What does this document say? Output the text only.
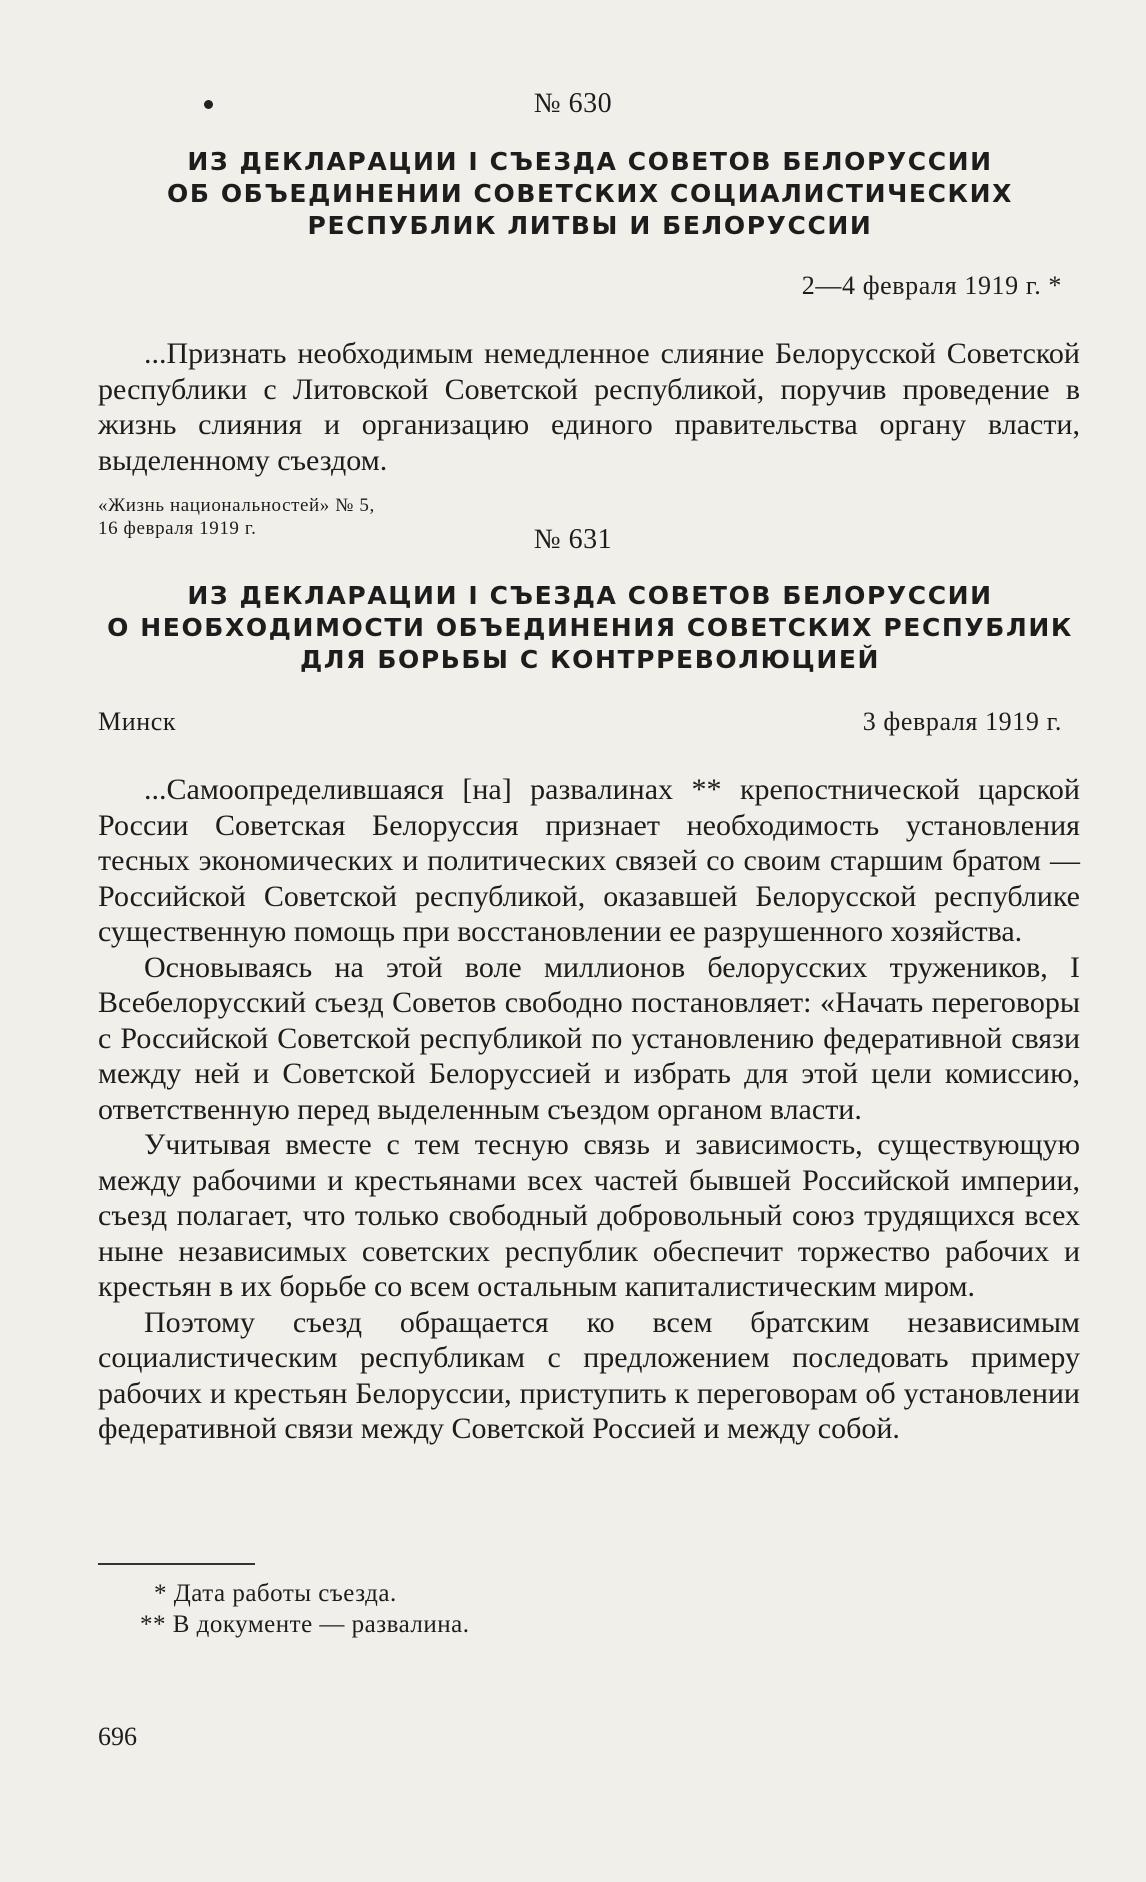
№ 630
ИЗ ДЕКЛАРАЦИИ I СЪЕЗДА СОВЕТОВ БЕЛОРУССИИ
ОБ ОБЪЕДИНЕНИИ СОВЕТСКИХ СОЦИАЛИСТИЧЕСКИХ
РЕСПУБЛИК ЛИТВЫ И БЕЛОРУССИИ
2—4 февраля 1919 г. *

...Признать необходимым немедленное слияние Белорусской Советской республики с Литовской Советской республикой, поручив проведение в жизнь слияния и организацию единого правительства органу власти, выделенному съездом.

«Жизнь национальностей» № 5,
16 февраля 1919 г.	№ 631
ИЗ ДЕКЛАРАЦИИ I СЪЕЗДА СОВЕТОВ БЕЛОРУССИИ
О НЕОБХОДИМОСТИ ОБЪЕДИНЕНИЯ СОВЕТСКИХ РЕСПУБЛИК
ДЛЯ БОРЬБЫ С КОНТРРЕВОЛЮЦИЕЙ
Минск	3 февраля 1919 г.

...Самоопределившаяся [на] развалинах ** крепостнической царской России Советская Белоруссия признает необходимость установления тесных экономических и политических связей со своим старшим братом — Российской Советской республикой, оказавшей Белорусской республике существенную помощь при восстановлении ее разрушенного хозяйства.

Основываясь на этой воле миллионов белорусских тружеников, I Всебелорусский съезд Советов свободно постановляет: «Начать переговоры с Российской Советской республикой по установлению федеративной связи между ней и Советской Белоруссией и избрать для этой цели комиссию, ответственную перед выделенным съездом органом власти.

Учитывая вместе с тем тесную связь и зависимость, существующую между рабочими и крестьянами всех частей бывшей Российской империи, съезд полагает, что только свободный добровольный союз трудящихся всех ныне независимых советских республик обеспечит торжество рабочих и крестьян в их борьбе со всем остальным капиталистическим миром.

Поэтому съезд обращается ко всем братским независимым социалистическим республикам с предложением последовать примеру рабочих и крестьян Белоруссии, приступить к переговорам об установлении федеративной связи между Советской Россией и между собой.

* Дата работы съезда.
** В документе — развалина.
696
